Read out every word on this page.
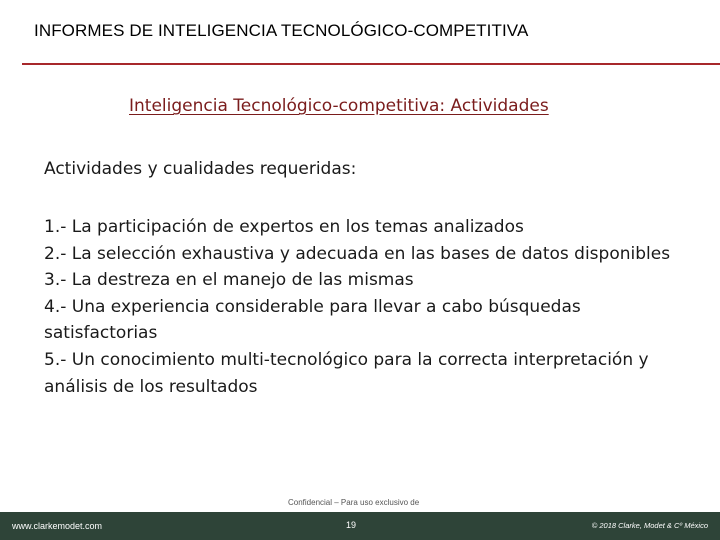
INFORMES DE INTELIGENCIA TECNOLÓGICO-COMPETITIVA
Inteligencia Tecnológico-competitiva: Actividades
Actividades y cualidades requeridas:
1.- La participación de expertos en los temas analizados
2.- La selección exhaustiva y adecuada en las bases de datos disponibles
3.- La destreza en el manejo de las mismas
4.- Una experiencia considerable para llevar a cabo búsquedas satisfactorias
5.- Un conocimiento multi-tecnológico para la correcta interpretación y análisis de los resultados
Confidencial – Para uso exclusivo de
www.clarkemodet.com	19	© 2018 Clarke, Modet & Cº México
